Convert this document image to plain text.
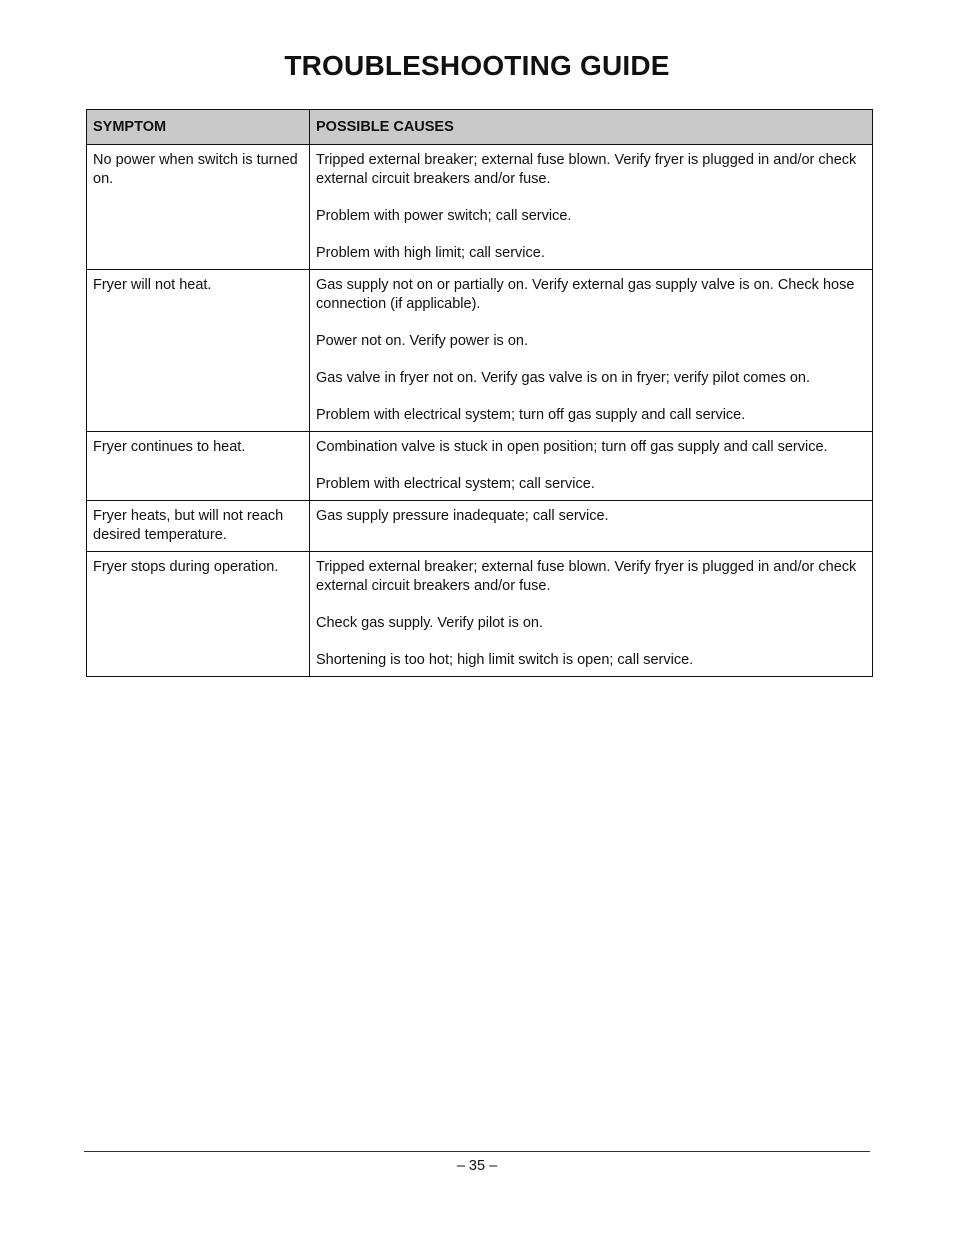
TROUBLESHOOTING GUIDE
SYMPTOM	POSSIBLE CAUSES
No power when switch is turned on.	Tripped external breaker; external fuse blown. Verify fryer is plugged in and/or check external circuit breakers and/or fuse.
Problem with power switch; call service.
Problem with high limit; call service.

Fryer will not heat.	Gas supply not on or partially on. Verify external gas supply valve is on. Check hose connection (if applicable).
Power not on. Verify power is on.
Gas valve in fryer not on. Verify gas valve is on in fryer; verify pilot comes on.
Problem with electrical system; turn off gas supply and call service.

Fryer continues to heat.	Combination valve is stuck in open position; turn off gas supply and call service.
Problem with electrical system; call service.

Fryer heats, but will not reach desired temperature.	Gas supply pressure inadequate; call service.

Fryer stops during operation.	Tripped external breaker; external fuse blown. Verify fryer is plugged in and/or check external circuit breakers and/or fuse.
Check gas supply. Verify pilot is on.
Shortening is too hot; high limit switch is open; call service.
– 35 –
